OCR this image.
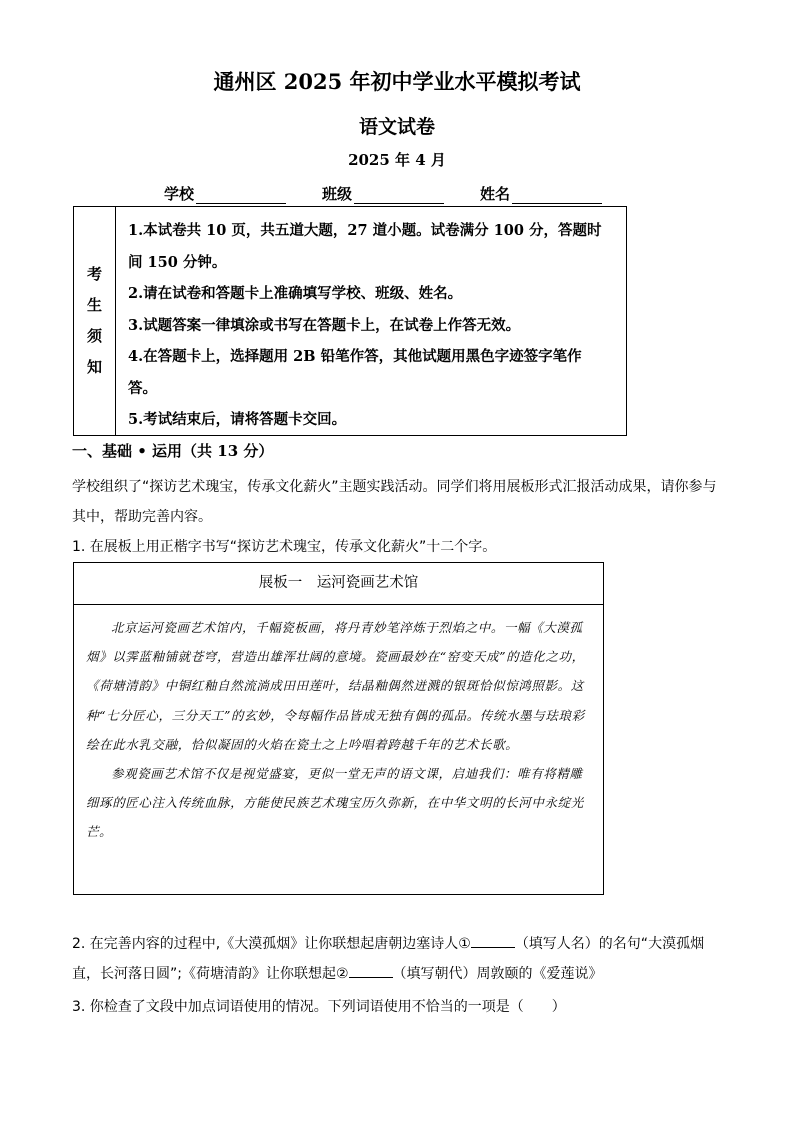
通州区 2025 年初中学业水平模拟考试
语文试卷
2025 年 4 月
学校	班级	姓名
考
生
须
知

1.本试卷共 10 页，共五道大题，27 道小题。试卷满分 100 分，答题时

间 150 分钟。

2.请在试卷和答题卡上准确填写学校、班级、姓名。

3.试题答案一律填涂或书写在答题卡上，在试卷上作答无效。

4.在答题卡上，选择题用 2B 铅笔作答，其他试题用黑色字迹签字笔作

答。

5.考试结束后，请将答题卡交回。

一、基础 • 运用（共 13 分）
学校组织了“探访艺术瑰宝，传承文化薪火”主题实践活动。同学们将用展板形式汇报活动成果，请你参与其中，帮助完善内容。
1. 在展板上用正楷字书写“探访艺术瑰宝，传承文化薪火”十二个字。
展板一　运河瓷画艺术馆

北京运河瓷画艺术馆内，千幅瓷板画，将丹青妙笔淬炼于烈焰之中。一幅《大漠孤烟》以霁蓝釉铺就苍穹，营造出雄浑壮阔的意境。瓷画最妙在“窑变天成”的造化之功，《荷塘清韵》中铜红釉自然流淌成田田莲叶，结晶釉偶然迸溅的银斑恰似惊鸿照影。这种“七分匠心，三分天工”的玄妙，令每幅作品皆成无独有偶的孤品。传统水墨与珐琅彩绘在此水乳交融，恰似凝固的火焰在瓷土之上吟唱着跨越千年的艺术长歌。

参观瓷画艺术馆不仅是视觉盛宴，更似一堂无声的语文课，启迪我们：唯有将精雕细琢的匠心注入传统血脉，方能使民族艺术瑰宝历久弥新，在中华文明的长河中永绽光芒。

2. 在完善内容的过程中,《大漠孤烟》让你联想起唐朝边塞诗人①	（填写人名）的名句“大漠孤烟直，长河落日圆”;《荷塘清韵》让你联想起②	（填写朝代）周敦颐的《爱莲说》
3. 你检查了文段中加点词语使用的情况。下列词语使用不恰当的一项是（　　）
